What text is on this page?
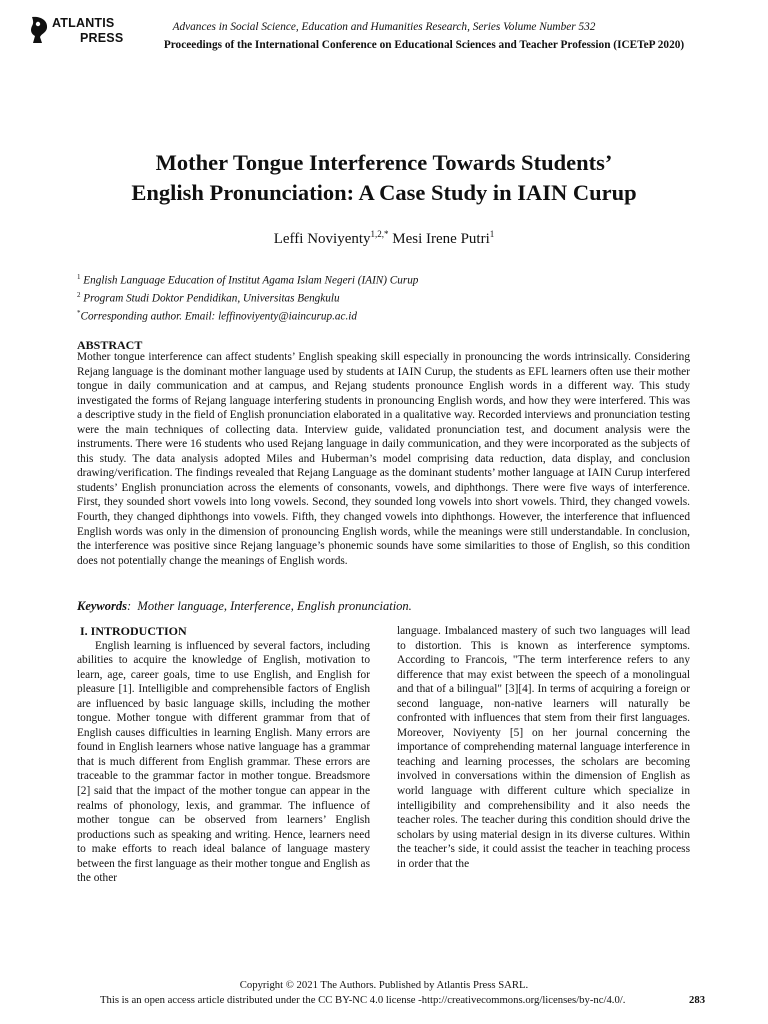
ATLANTIS
PRESS
Advances in Social Science, Education and Humanities Research, Series Volume Number 532
Proceedings of the International Conference on Educational Sciences and Teacher Profession (ICETeP 2020)
Mother Tongue Interference Towards Students’
English Pronunciation: A Case Study in IAIN Curup
Leffi Noviyenty$^{1,2,*}$ Mesi Irene Putri$^1$
$^1$ English Language Education of Institut Agama Islam Negeri (IAIN) Curup
$^2$ Program Studi Doktor Pendidikan, Universitas Bengkulu
*Corresponding author. Email: leffinoviyenty@iaincurup.ac.id
ABSTRACT
Mother tongue interference can affect students’ English speaking skill especially in pronouncing the words intrinsically. Considering Rejang language is the dominant mother language used by students at IAIN Curup, the students as EFL learners often use their mother tongue in daily communication and at campus, and Rejang students pronounce English words in a different way. This study investigated the forms of Rejang language interfering students in pronouncing English words, and how they were interfered. This was a descriptive study in the field of English pronunciation elaborated in a qualitative way. Recorded interviews and pronunciation testing were the main techniques of collecting data. Interview guide, validated pronunciation test, and document analysis were the instruments. There were 16 students who used Rejang language in daily communication, and they were incorporated as the subjects of this study. The data analysis adopted Miles and Huberman’s model comprising data reduction, data display, and conclusion drawing/verification. The findings revealed that Rejang Language as the dominant students’ mother language at IAIN Curup interfered students’ English pronunciation across the elements of consonants, vowels, and diphthongs. There were five ways of interference. First, they sounded short vowels into long vowels. Second, they sounded long vowels into short vowels. Third, they changed vowels. Fourth, they changed diphthongs into vowels. Fifth, they changed vowels into diphthongs. However, the interference that influenced English words was only in the dimension of pronouncing English words, while the meanings were still understandable. In conclusion, the interference was positive since Rejang language’s phonemic sounds have some similarities to those of English, so this condition does not potentially change the meanings of English words.
Keywords:  Mother language, Interference, English pronunciation.

I. INTRODUCTION

English learning is influenced by several factors, including abilities to acquire the knowledge of English, motivation to learn, age, career goals, time to use English, and English for pleasure [1]. Intelligible and comprehensible factors of English are influenced by basic language skills, including the mother tongue. Mother tongue with different grammar from that of English causes difficulties in learning English. Many errors are found in English learners whose native language has a grammar that is much different from English grammar. These errors are traceable to the grammar factor in mother tongue. Breadsmore [2] said that the impact of the mother tongue can appear in the realms of phonology, lexis, and grammar. The influence of mother tongue can be observed from learners’ English productions such as speaking and writing. Hence, learners need to make efforts to reach ideal balance of language mastery between the first language as their mother tongue and English as the other

language. Imbalanced mastery of such two languages will lead to distortion. This is known as interference symptoms. According to Francois, "The term interference refers to any difference that may exist between the speech of a monolingual and that of a bilingual" [3][4]. In terms of acquiring a foreign or second language, non-native learners will naturally be confronted with influences that stem from their first languages. Moreover, Noviyenty [5] on her journal concerning the importance of comprehending maternal language interference in teaching and learning processes, the scholars are becoming involved in conversations within the dimension of English as world language with different culture which specialize in intelligibility and comprehensibility and it also needs the teacher roles. The teacher during this condition should drive the scholars by using material design in its diverse cultures. Within the teacher’s side, it could assist the teacher in teaching process in order that the

Copyright © 2021 The Authors. Published by Atlantis Press SARL.
This is an open access article distributed under the CC BY-NC 4.0 license -http://creativecommons.org/licenses/by-nc/4.0/.	283
